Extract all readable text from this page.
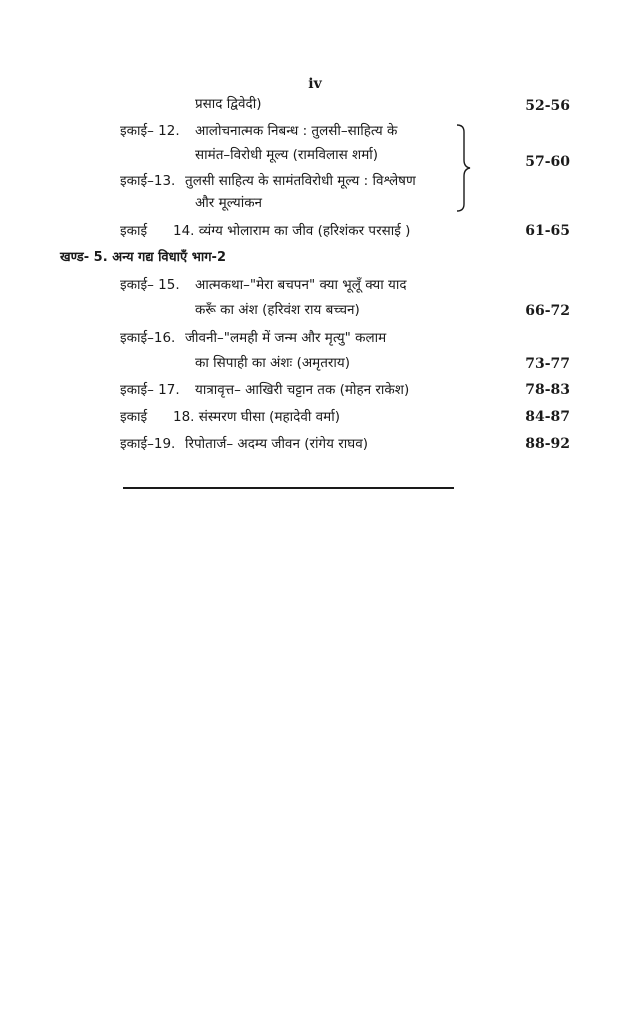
iv
प्रसाद द्विवेदी)	52-56
इकाई– 12. आलोचनात्मक निबन्ध : तुलसी–साहित्य के
सामंत–विरोधी मूल्य (रामविलास शर्मा)
इकाई–13. तुलसी साहित्य के सामंतविरोधी मूल्य : विश्लेषण
और मूल्यांकन
57-60
इकाई 14. व्यंग्य भोलाराम का जीव (हरिशंकर परसाई )	61-65
खण्ड- 5. अन्य गद्य विधाएँ भाग-2
इकाई– 15. आत्मकथा–"मेरा बचपन" क्या भूलूँ क्या याद
करूँ का अंश (हरिवंश राय बच्चन)	66-72
इकाई–16. जीवनी–"लमही में जन्म और मृत्यु" कलाम
का सिपाही का अंशः (अमृतराय)	73-77
इकाई– 17. यात्रावृत्त– आखिरी चट्टान तक (मोहन राकेश)	78-83
इकाई 18. संस्मरण घीसा (महादेवी वर्मा)	84-87
इकाई–19. रिपोतार्ज– अदम्य जीवन (रांगेय राघव)	88-92
